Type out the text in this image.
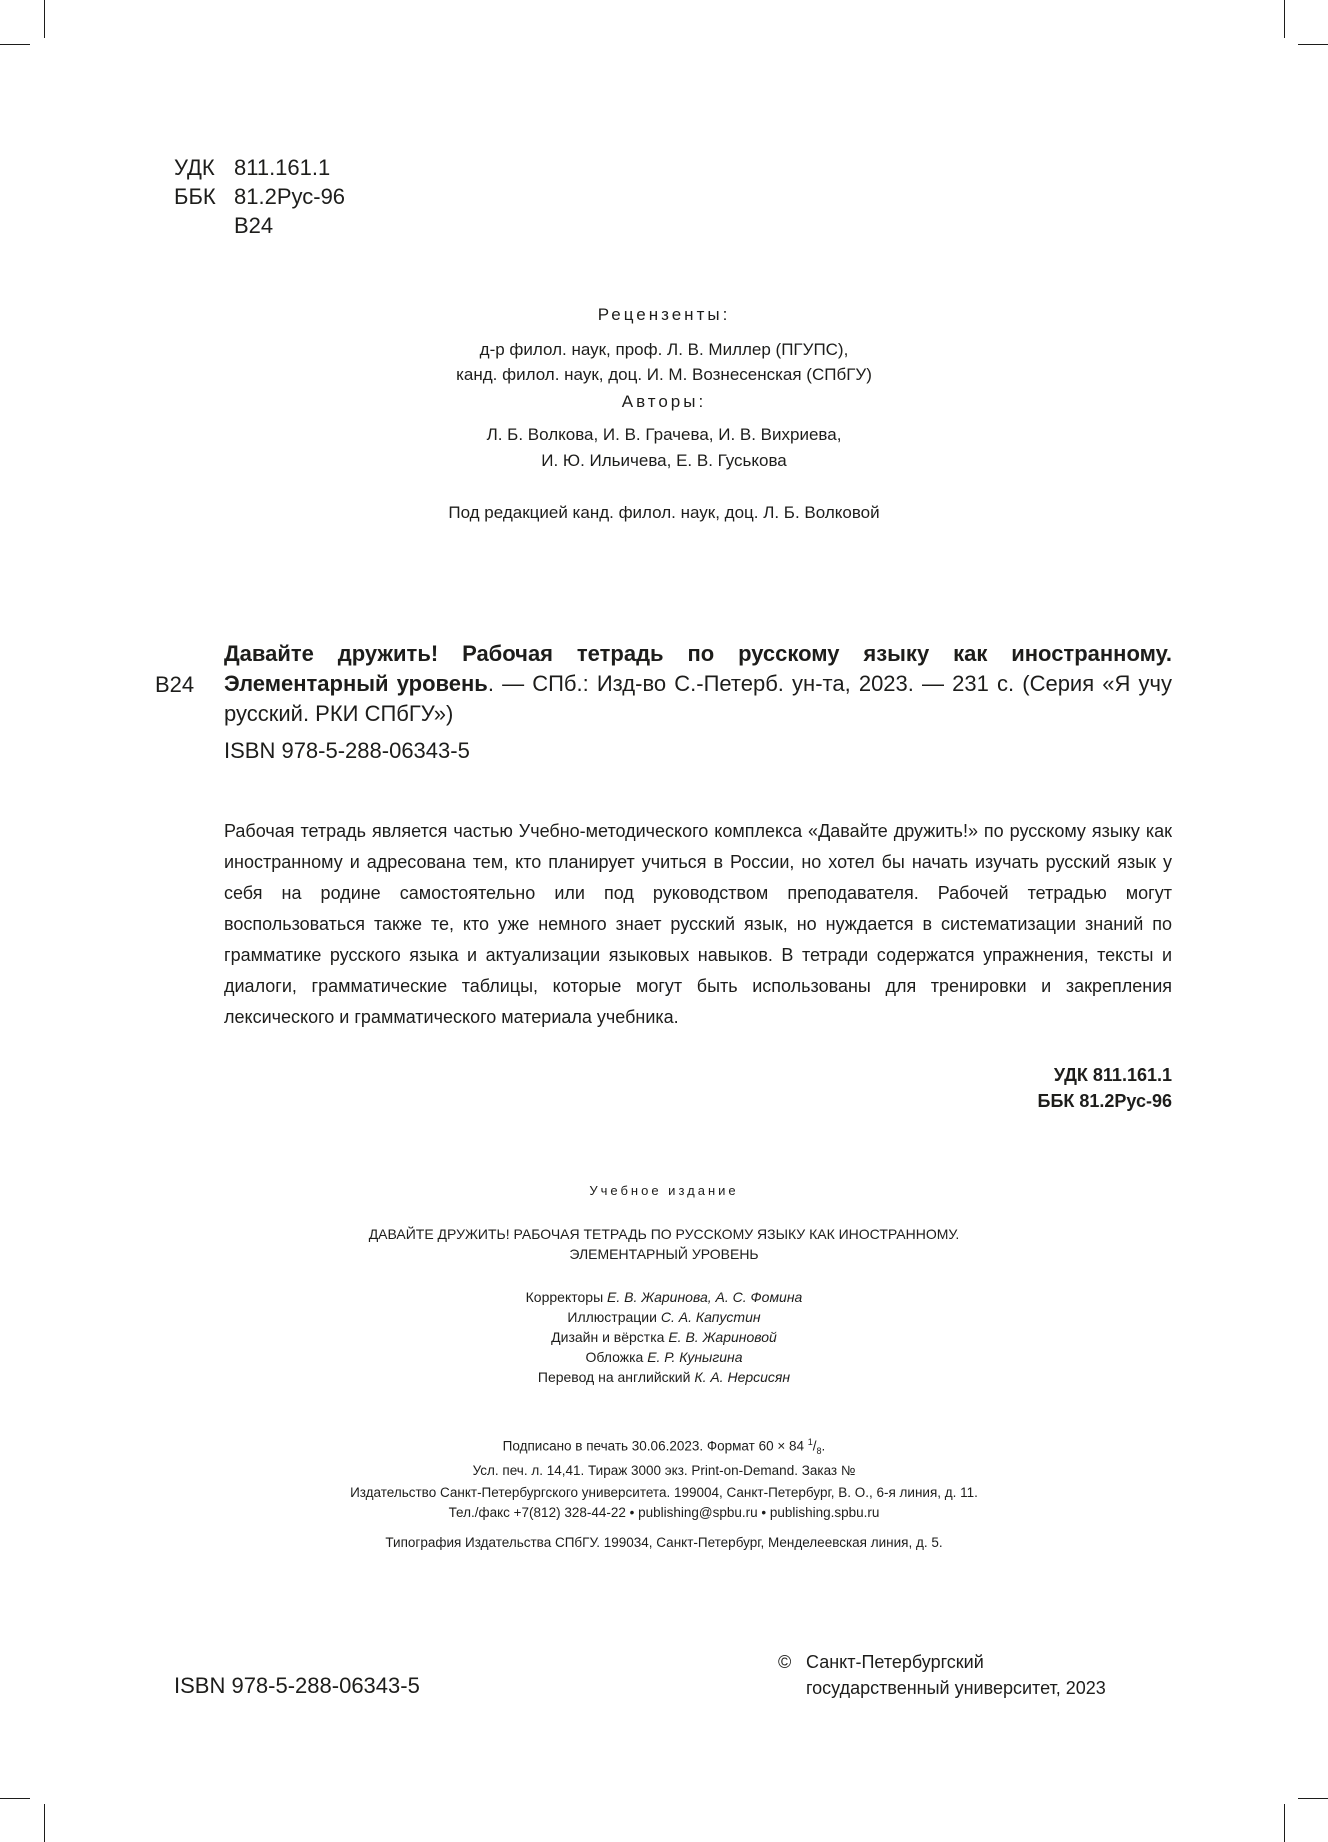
УДК 811.161.1
ББК 81.2Рус-96
В24
Рецензенты:
д-р филол. наук, проф. Л. В. Миллер (ПГУПС),
канд. филол. наук, доц. И. М. Вознесенская (СПбГУ)
Авторы:
Л. Б. Волкова, И. В. Грачева, И. В. Вихриева,
И. Ю. Ильичева, Е. В. Гуськова
Под редакцией канд. филол. наук, доц. Л. Б. Волковой
В24
Давайте дружить! Рабочая тетрадь по русскому языку как иностранному. Элементарный уровень. — СПб.: Изд-во С.-Петерб. ун-та, 2023. — 231 с. (Серия «Я учу русский. РКИ СПбГУ»)
ISBN 978-5-288-06343-5
Рабочая тетрадь является частью Учебно-методического комплекса «Давайте дружить!» по русскому языку как иностранному и адресована тем, кто планирует учиться в России, но хотел бы начать изучать русский язык у себя на родине самостоятельно или под руководством преподавателя. Рабочей тетрадью могут воспользоваться также те, кто уже немного знает русский язык, но нуждается в систематизации знаний по грамматике русского языка и актуализации языковых навыков. В тетради содержатся упражнения, тексты и диалоги, грамматические таблицы, которые могут быть использованы для тренировки и закрепления лексического и грамматического материала учебника.
УДК 811.161.1
ББК 81.2Рус-96
Учебное издание
ДАВАЙТЕ ДРУЖИТЬ! РАБОЧАЯ ТЕТРАДЬ ПО РУССКОМУ ЯЗЫКУ КАК ИНОСТРАННОМУ.
ЭЛЕМЕНТАРНЫЙ УРОВЕНЬ
Корректоры Е. В. Жаринова, А. С. Фомина
Иллюстрации С. А. Капустин
Дизайн и вёрстка Е. В. Жариновой
Обложка Е. Р. Куныгина
Перевод на английский К. А. Нерсисян
Подписано в печать 30.06.2023. Формат 60 × 84 $^1/_8$.
Усл. печ. л. 14,41. Тираж 3000 экз. Print-on-Demand. Заказ №
Издательство Санкт-Петербургского университета. 199004, Санкт-Петербург, В. О., 6-я линия, д. 11.
Тел./факс +7(812) 328-44-22 • publishing@spbu.ru • publishing.spbu.ru
Типография Издательства СПбГУ. 199034, Санкт-Петербург, Менделеевская линия, д. 5.
ISBN 978-5-288-06343-5
© Санкт-Петербургский
государственный университет, 2023
